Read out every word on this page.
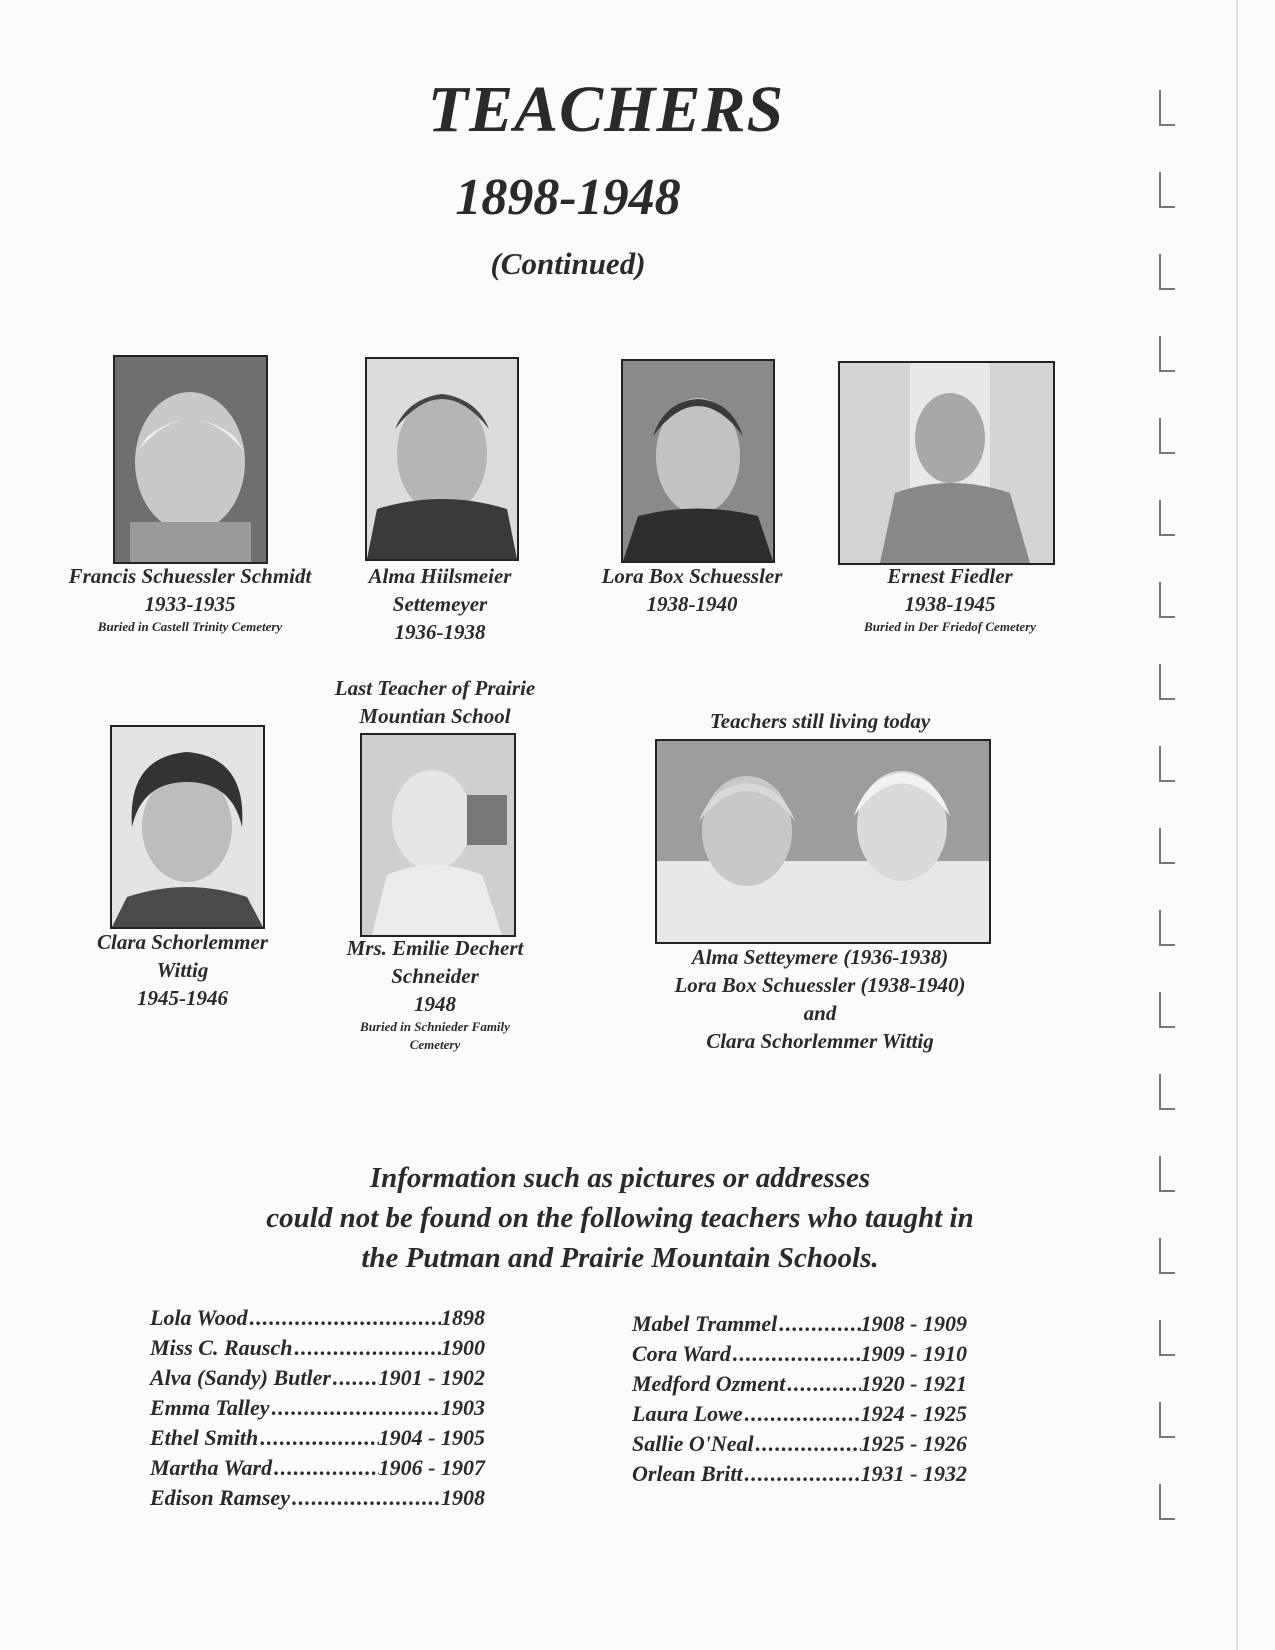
TEACHERS
1898-1948
(Continued)
Francis Schuessler Schmidt
1933-1935
Buried in Castell Trinity Cemetery
Alma Hiilsmeier
Settemeyer
1936-1938
Lora Box Schuessler
1938-1940
Ernest Fiedler
1938-1945
Buried in Der Friedof Cemetery
Last Teacher of Prairie
Mountian School	Teachers still living today
Clara Schorlemmer
Wittig
1945-1946
Mrs. Emilie Dechert
Schneider
1948
Buried in Schnieder Family
Cemetery
Alma Setteymere (1936-1938)
Lora Box Schuessler (1938-1940)
and
Clara Schorlemmer Wittig
Information such as pictures or addresses
could not be found on the following teachers who taught in
the Putman and Prairie Mountain Schools.
Lola Wood .....	1898
Miss C. Rausch .....	1900
Alva (Sandy) Butler ..... 1901 - 1902
Emma Talley .....	1903
Ethel Smith .....	1904 - 1905
Martha Ward .....	1906 - 1907
Edison Ramsey .....	1908
Mabel Trammel .....	1908 - 1909
Cora Ward .....	1909 - 1910
Medford Ozment .....	1920 - 1921
Laura Lowe .....	1924 - 1925
Sallie O'Neal .....	1925 - 1926
Orlean Britt .....	1931 - 1932
